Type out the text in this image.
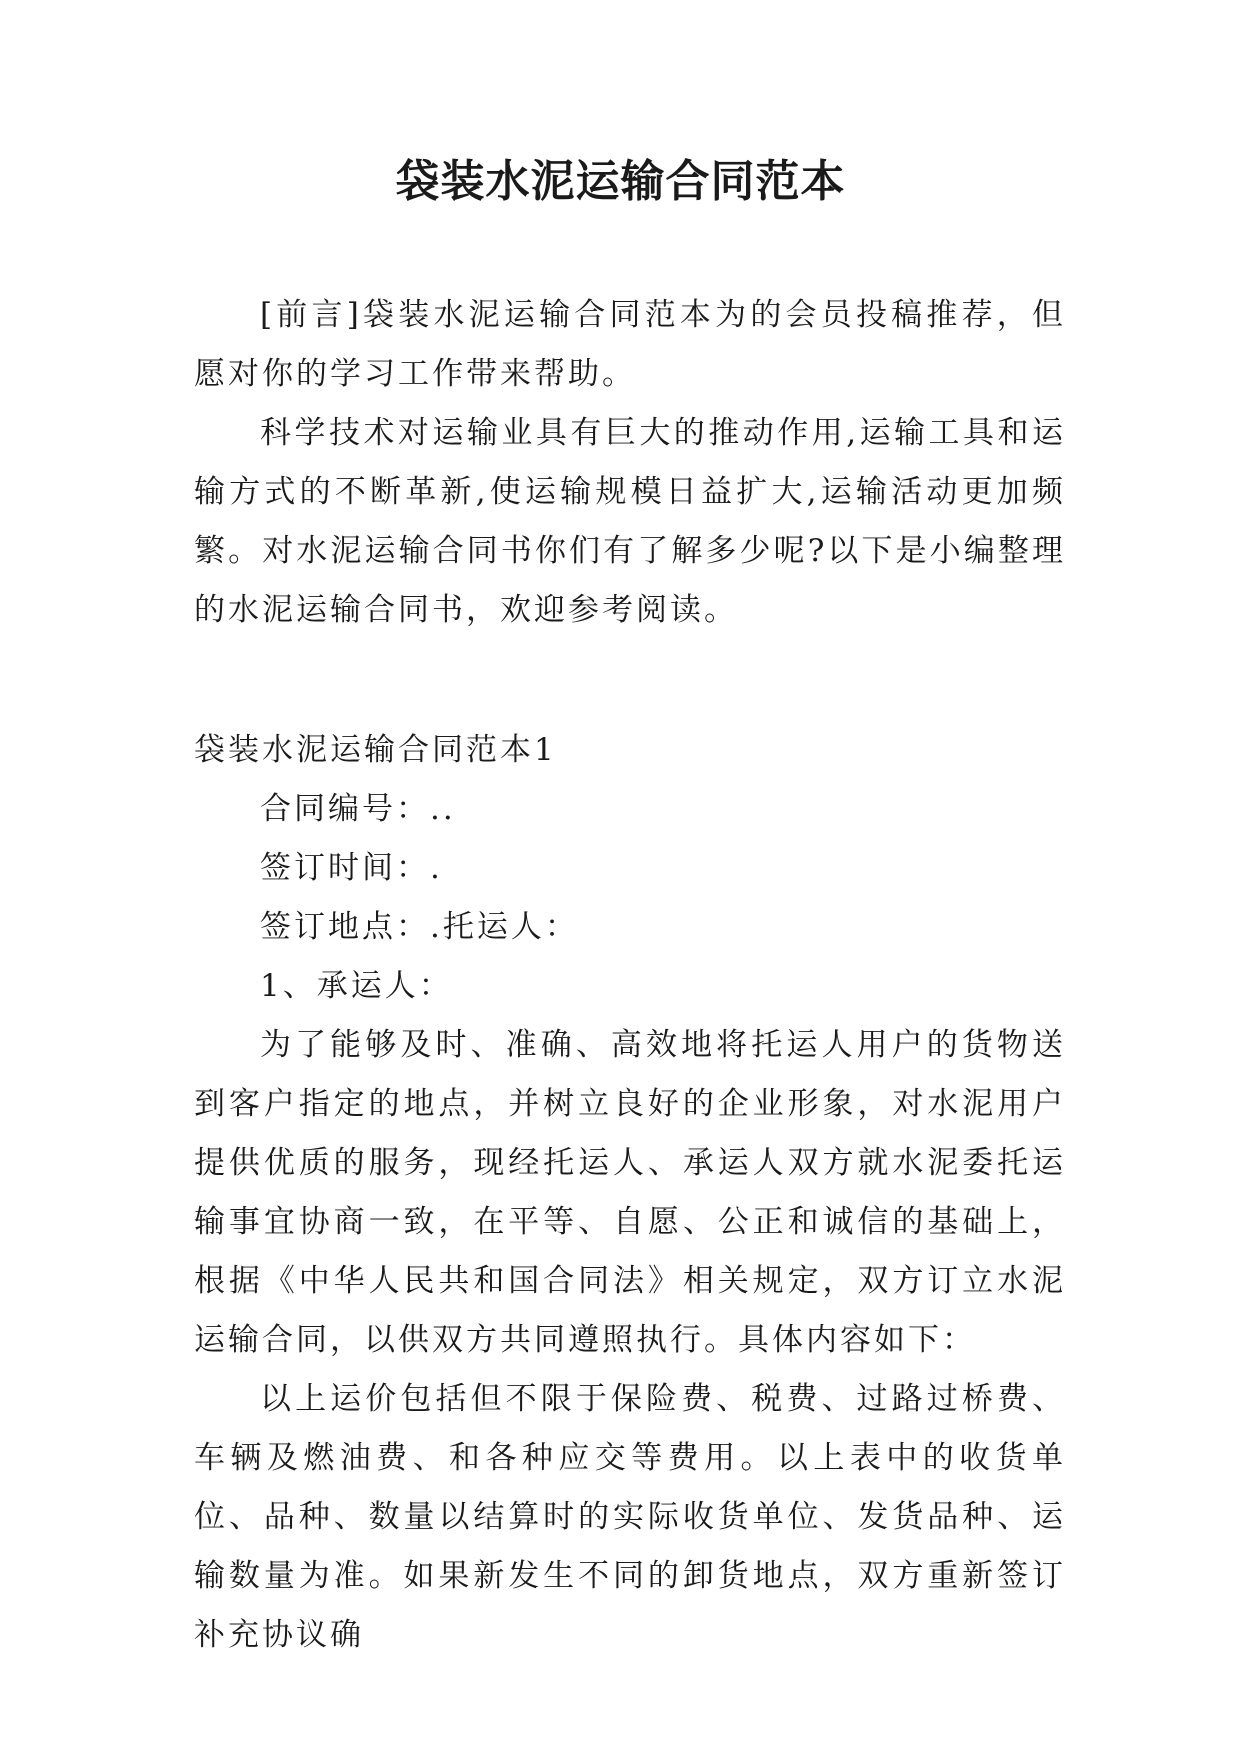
袋装水泥运输合同范本

[前言]袋装水泥运输合同范本为的会员投稿推荐，但愿对你的学习工作带来帮助。

科学技术对运输业具有巨大的推动作用,运输工具和运输方式的不断革新,使运输规模日益扩大,运输活动更加频繁。对水泥运输合同书你们有了解多少呢?以下是小编整理的水泥运输合同书，欢迎参考阅读。

袋装水泥运输合同范本1

合同编号：..

签订时间：.

签订地点：.托运人：

1、承运人：

为了能够及时、准确、高效地将托运人用户的货物送到客户指定的地点，并树立良好的企业形象，对水泥用户提供优质的服务，现经托运人、承运人双方就水泥委托运输事宜协商一致，在平等、自愿、公正和诚信的基础上，根据《中华人民共和国合同法》相关规定，双方订立水泥运输合同，以供双方共同遵照执行。具体内容如下：

以上运价包括但不限于保险费、税费、过路过桥费、车辆及燃油费、和各种应交等费用。以上表中的收货单位、品种、数量以结算时的实际收货单位、发货品种、运输数量为准。如果新发生不同的卸货地点，双方重新签订补充协议确
